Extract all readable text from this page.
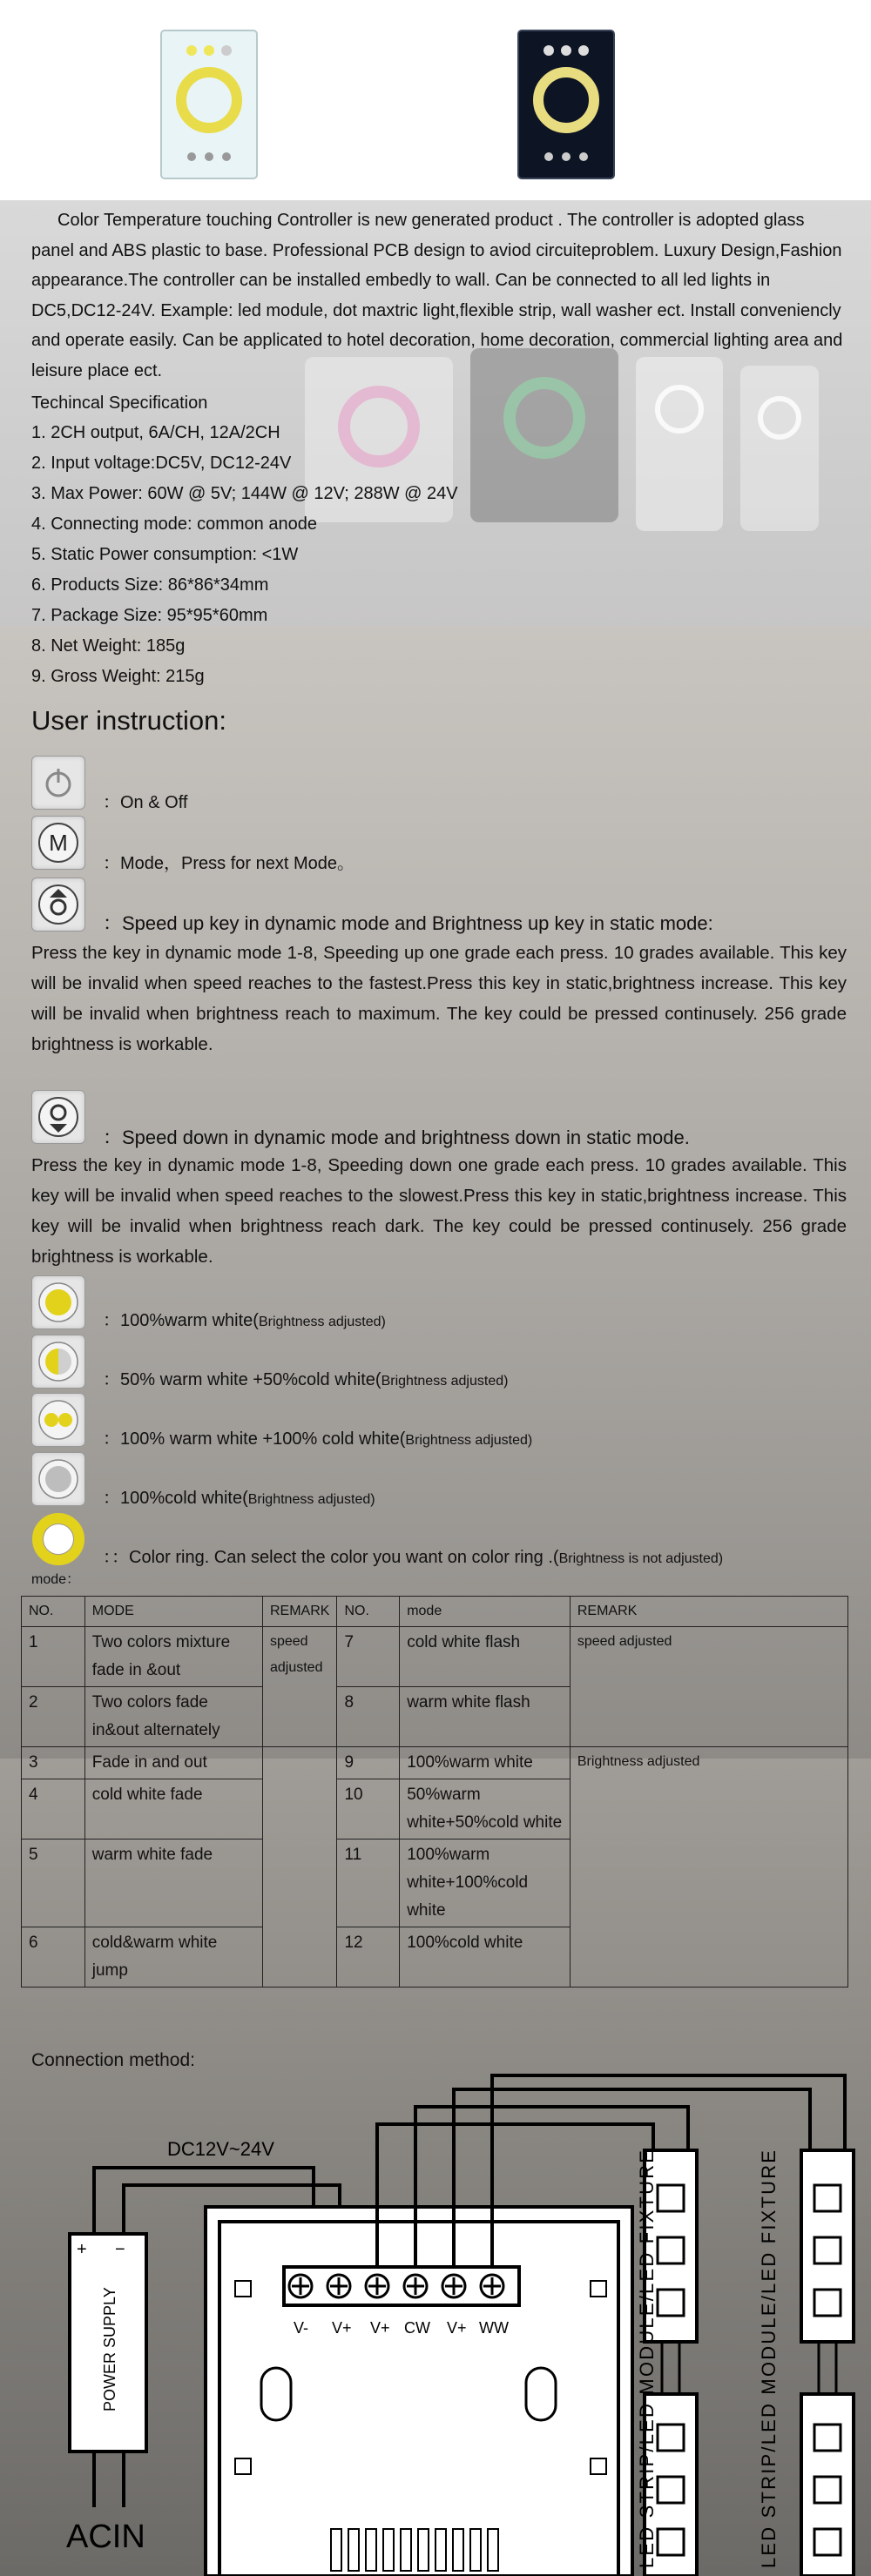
Color Temperature touching Controller is new generated product . The controller is adopted glass panel and ABS plastic to base. Professional PCB design to aviod circuiteproblem. Luxury Design,Fashion appearance.The controller can be installed embedly to wall. Can be connected to all led lights in DC5,DC12-24V. Example: led module, dot maxtric light,flexible strip, wall washer ect. Install conveniencly and operate easily. Can be applicated to hotel decoration, home decoration, commercial lighting area and leisure place ect.
Techincal Specification
1. 2CH output, 6A/CH, 12A/2CH
2. Input voltage:DC5V, DC12-24V
3. Max Power: 60W @ 5V; 144W @ 12V; 288W @ 24V
4. Connecting mode: common anode
5. Static Power consumption: <1W
6. Products Size: 86*86*34mm
7. Package Size: 95*95*60mm
8. Net Weight: 185g
9. Gross Weight: 215g
User instruction:
：On & Off
M
：Mode，Press for next Mode。
：Speed up key in dynamic mode and Brightness up key in static mode:
Press the key in dynamic mode 1-8, Speeding up one grade each press. 10 grades available. This key will be invalid when speed reaches to the fastest.Press this key in static,brightness increase. This key will be invalid when brightness reach to maximum. The key could be pressed continusely. 256 grade brightness is workable.
：Speed down in dynamic mode and brightness down in static mode.
Press the key in dynamic mode 1-8, Speeding down one grade each press. 10 grades available. This key will be invalid when speed reaches to the slowest.Press this key in static,brightness increase. This key will be invalid when brightness reach dark. The key could be pressed continusely. 256 grade brightness is workable.
：100%warm white(Brightness adjusted)
：50% warm white +50%cold white(Brightness adjusted)
：100% warm white +100% cold white(Brightness adjusted)
：100%cold white(Brightness adjusted)
：：Color ring. Can select the color you want on color ring .(Brightness is not adjusted)
mode：
NO.	MODE	REMARK	NO.	mode	REMARK
1	Two colors mixture fade in &out	speed adjusted	7	cold white flash	speed adjusted
2	Two colors fade in&out alternately		8	warm white flash	
3	Fade in and out		9	100%warm white	Brightness adjusted
4	cold white fade		10	50%warm white+50%cold white	
5	warm white fade		11	100%warm white+100%cold white	
6	cold&warm white jump		12	100%cold white	
Connection method:
DC12V~24V
+ −
POWER SUPPLY
ACIN
V- V+ V+ CW V+ WW
LED STRIP/LED MODULE/LED FIXTURE
LED STRIP/LED MODULE/LED FIXTURE
